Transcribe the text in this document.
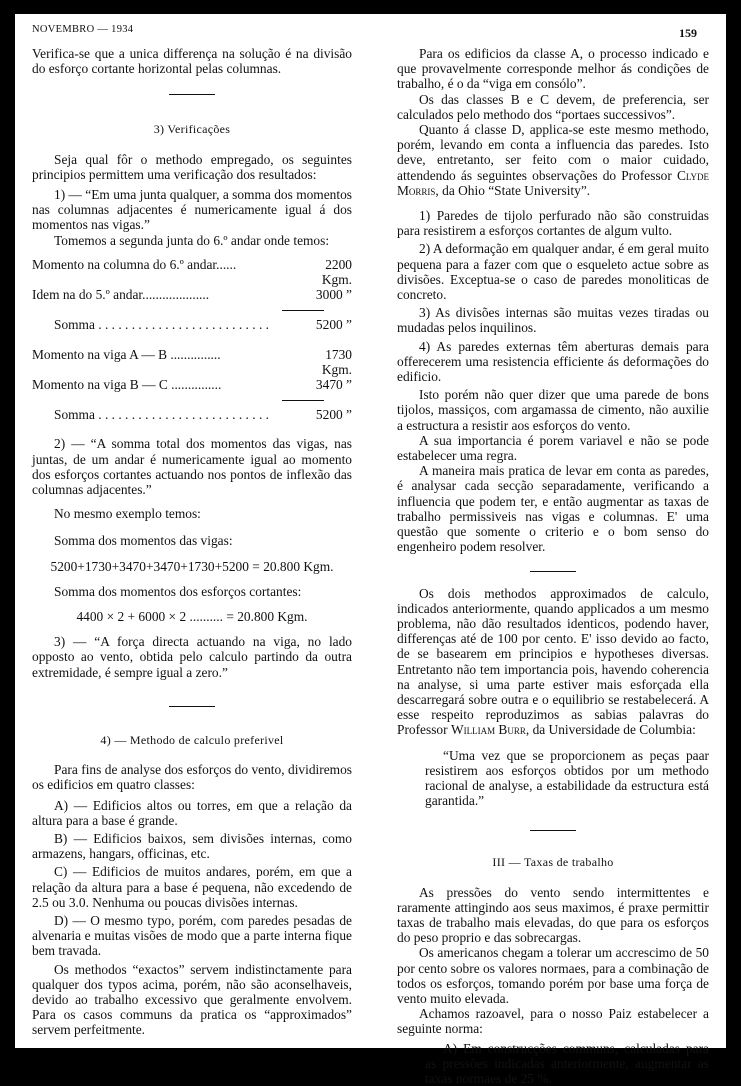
NOVEMBRO — 1934	159

Verifica-se que a unica differença na solução é na divisão do esforço cortante horizontal pelas columnas.

3) Verificações

Seja qual fôr o methodo empregado, os seguintes principios permittem uma verificação dos resultados:

1) — “Em uma junta qualquer, a somma dos momentos nas columnas adjacentes é numericamente igual á dos momentos nas vigas.”

Tomemos a segunda junta do 6.º andar onde temos:

Momento na columna do 6.º andar......	2200 Kgm.
Idem na do 5.º andar....................	3000 ”
Somma . . . . . . . . . . . . . . . . . . . . . . . . . .	5200 ”
Momento na viga A — B ...............	1730 Kgm.
Momento na viga B — C ...............	3470 ”
Somma . . . . . . . . . . . . . . . . . . . . . . . . . .	5200 ”

2) — “A somma total dos momentos das vigas, nas juntas, de um andar é numericamente igual ao momento dos esforços cortantes actuando nos pontos de inflexão das columnas adjacentes.”

No mesmo exemplo temos:

Somma dos momentos das vigas:

5200+1730+3470+3470+1730+5200 = 20.800 Kgm.

Somma dos momentos dos esforços cortantes:

4400 × 2 + 6000 × 2 .......... = 20.800 Kgm.

3) — “A força directa actuando na viga, no lado opposto ao vento, obtida pelo calculo partindo da outra extremidade, é sempre igual a zero.”

4) — Methodo de calculo preferivel

Para fins de analyse dos esforços do vento, dividiremos os edificios em quatro classes:

A) — Edificios altos ou torres, em que a relação da altura para a base é grande.

B) — Edificios baixos, sem divisões internas, como armazens, hangars, officinas, etc.

C) — Edificios de muitos andares, porém, em que a relação da altura para a base é pequena, não excedendo de 2.5 ou 3.0. Nenhuma ou poucas divisões internas.

D) — O mesmo typo, porém, com paredes pesadas de alvenaria e muitas visões de modo que a parte interna fique bem travada.

Os methodos “exactos” servem indistinctamente para qualquer dos typos acima, porém, não são aconselhaveis, devido ao trabalho excessivo que geralmente envolvem. Para os casos communs da pratica os “approximados” servem perfeitmente.

Para os edificios da classe A, o processo indicado e que provavelmente corresponde melhor ás condições de trabalho, é o da “viga em consólo”.

Os das classes B e C devem, de preferencia, ser calculados pelo methodo dos “portaes successivos”.

Quanto á classe D, applica-se este mesmo methodo, porém, levando em conta a influencia das paredes. Isto deve, entretanto, ser feito com o maior cuidado, attendendo ás seguintes observações do Professor Clyde Morris, da Ohio “State University”.

1) Paredes de tijolo perfurado não são construidas para resistirem a esforços cortantes de algum vulto.

2) A deformação em qualquer andar, é em geral muito pequena para a fazer com que o esqueleto actue sobre as divisões. Exceptua-se o caso de paredes monoliticas de concreto.

3) As divisões internas são muitas vezes tiradas ou mudadas pelos inquilinos.

4) As paredes externas têm aberturas demais para offerecerem uma resistencia efficiente ás deformações do edificio.

Isto porém não quer dizer que uma parede de bons tijolos, massiços, com argamassa de cimento, não auxilie a estructura a resistir aos esforços do vento.

A sua importancia é porem variavel e não se pode estabelecer uma regra.

A maneira mais pratica de levar em conta as paredes, é analysar cada secção separadamente, verificando a influencia que podem ter, e então augmentar as taxas de trabalho permissiveis nas vigas e columnas. E' uma questão que somente o criterio e o bom senso do engenheiro podem resolver.

Os dois methodos approximados de calculo, indicados anteriormente, quando applicados a um mesmo problema, não dão resultados identicos, podendo haver, differenças até de 100 por cento. E' isso devido ao facto, de se basearem em principios e hypotheses diversas. Entretanto não tem importancia pois, havendo coherencia na analyse, si uma parte estiver mais esforçada ella descarregará sobre outra e o equilibrio se restabelecerá. A esse respeito reproduzimos as sabias palavras do Professor William Burr, da Universidade de Columbia:

“Uma vez que se proporcionem as peças paar resistirem aos esforços obtidos por um methodo racional de analyse, a estabilidade da estructura está garantida.”

III — Taxas de trabalho

As pressões do vento sendo intermittentes e raramente attingindo aos seus maximos, é praxe permittir taxas de trabalho mais elevadas, do que para os esforços do peso proprio e das sobrecargas.

Os americanos chegam a tolerar um accrescimo de 50 por cento sobre os valores normaes, para a combinação de todos os esforços, tomando porém por base uma força de vento muito elevada.

Achamos razoavel, para o nosso Paiz estabelecer a seguinte norma:

A) Em construcções communs, calculadas para as pressões indicadas anteriormente, augmentar as taxas normaes de 25 %.
